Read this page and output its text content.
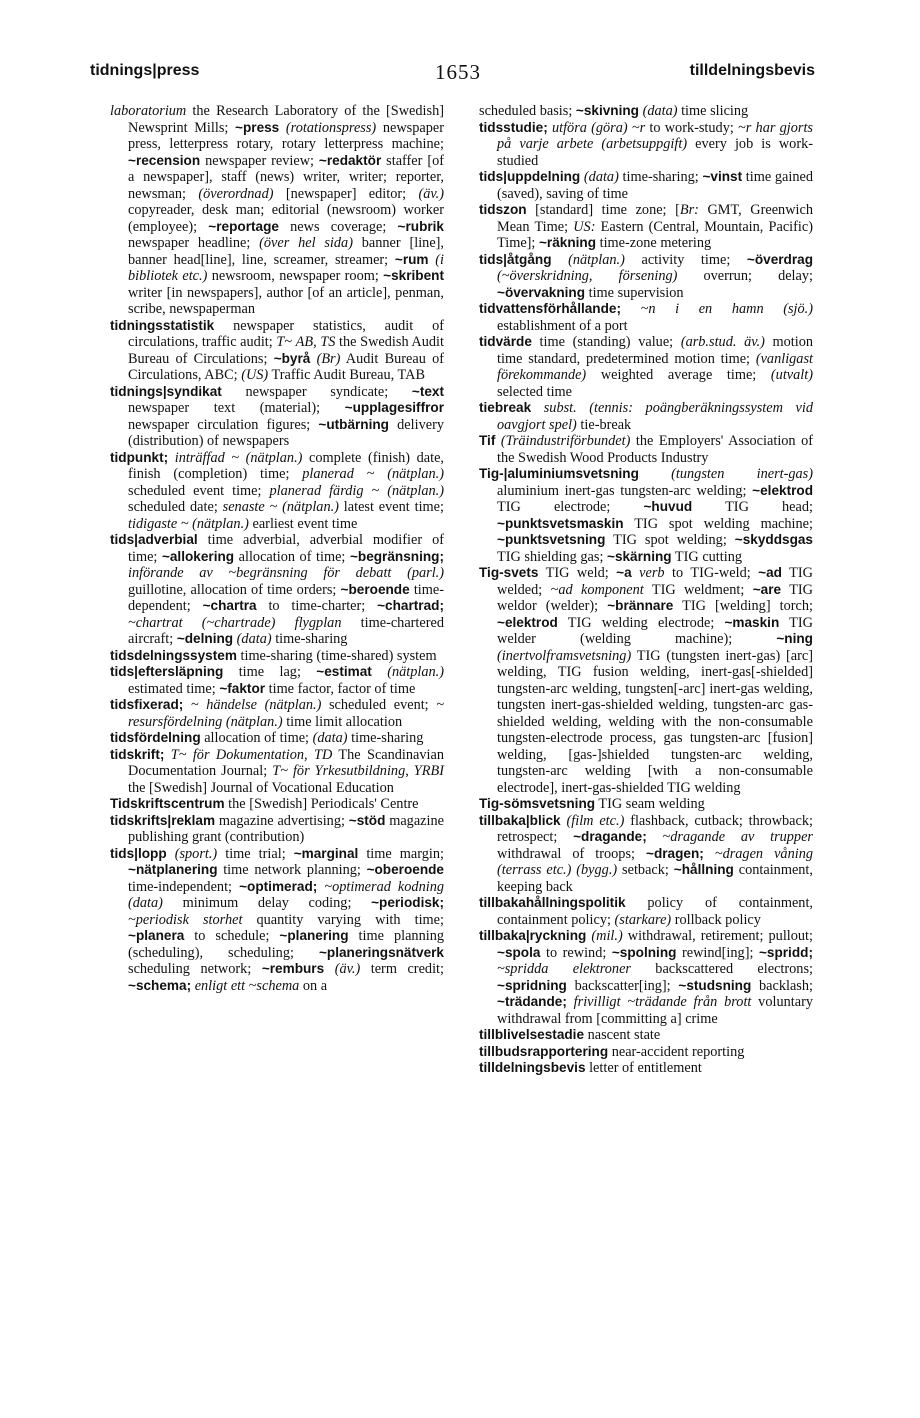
tidnings|press	1653	tilldelningsbevis

laboratorium the Research Laboratory of the [Swedish] Newsprint Mills; ~press (rotationspress) newspaper press, letterpress rotary, rotary letterpress machine; ~recension newspaper review; ~redaktör staffer [of a newspaper], staff (news) writer, writer; reporter, newsman; (överordnad) [newspaper] editor; (äv.) copyreader, desk man; editorial (newsroom) worker (employee); ~reportage news coverage; ~rubrik newspaper headline; (över hel sida) banner [line], banner head[line], line, screamer, streamer; ~rum (i bibliotek etc.) newsroom, newspaper room; ~skribent writer [in newspapers], author [of an article], penman, scribe, newspaperman

tidningsstatistik newspaper statistics, audit of circulations, traffic audit; T~ AB, TS the Swedish Audit Bureau of Circulations; ~byrå (Br) Audit Bureau of Circulations, ABC; (US) Traffic Audit Bureau, TAB

tidnings|syndikat newspaper syndicate; ~text newspaper text (material); ~upplagesiffror newspaper circulation figures; ~utbärning delivery (distribution) of newspapers

tidpunkt; inträffad ~ (nätplan.) complete (finish) date, finish (completion) time; planerad ~ (nätplan.) scheduled event time; planerad färdig ~ (nätplan.) scheduled date; senaste ~ (nätplan.) latest event time; tidigaste ~ (nätplan.) earliest event time

tids|adverbial time adverbial, adverbial modifier of time; ~allokering allocation of time; ~begränsning; införande av ~begränsning för debatt (parl.) guillotine, allocation of time orders; ~beroende time-dependent; ~chartra to time-charter; ~chartrad; ~chartrat (~chartrade) flygplan time-chartered aircraft; ~delning (data) time-sharing

tidsdelningssystem time-sharing (time-shared) system

tids|eftersläpning time lag; ~estimat (nätplan.) estimated time; ~faktor time factor, factor of time

tidsfixerad; ~ händelse (nätplan.) scheduled event; ~ resursfördelning (nätplan.) time limit allocation

tidsfördelning allocation of time; (data) time-sharing

tidskrift; T~ för Dokumentation, TD The Scandinavian Documentation Journal; T~ för Yrkesutbildning, YRBI the [Swedish] Journal of Vocational Education

Tidskriftscentrum the [Swedish] Periodicals' Centre

tidskrifts|reklam magazine advertising; ~stöd magazine publishing grant (contribution)

tids|lopp (sport.) time trial; ~marginal time margin; ~nätplanering time network planning; ~oberoende time-independent; ~optimerad; ~optimerad kodning (data) minimum delay coding; ~periodisk; ~periodisk storhet quantity varying with time; ~planera to schedule; ~planering time planning (scheduling), scheduling; ~planeringsnätverk scheduling network; ~remburs (äv.) term credit; ~schema; enligt ett ~schema on a

scheduled basis; ~skivning (data) time slicing

tidsstudie; utföra (göra) ~r to work-study; ~r har gjorts på varje arbete (arbetsuppgift) every job is work-studied

tids|uppdelning (data) time-sharing; ~vinst time gained (saved), saving of time

tidszon [standard] time zone; [Br: GMT, Greenwich Mean Time; US: Eastern (Central, Mountain, Pacific) Time]; ~räkning time-zone metering

tids|åtgång (nätplan.) activity time; ~överdrag (~överskridning, försening) overrun; delay; ~övervakning time supervision

tidvattensförhållande; ~n i en hamn (sjö.) establishment of a port

tidvärde time (standing) value; (arb.stud. äv.) motion time standard, predetermined motion time; (vanligast förekommande) weighted average time; (utvalt) selected time

tiebreak subst. (tennis: poängberäkningssystem vid oavgjort spel) tie-break

Tif (Träindustriförbundet) the Employers' Association of the Swedish Wood Products Industry

Tig-|aluminiumsvetsning (tungsten inert-gas) aluminium inert-gas tungsten-arc welding; ~elektrod TIG electrode; ~huvud TIG head; ~punktsvetsmaskin TIG spot welding machine; ~punktsvetsning TIG spot welding; ~skyddsgas TIG shielding gas; ~skärning TIG cutting

Tig-svets TIG weld; ~a verb to TIG-weld; ~ad TIG welded; ~ad komponent TIG weldment; ~are TIG weldor (welder); ~brännare TIG [welding] torch; ~elektrod TIG welding electrode; ~maskin TIG welder (welding machine); ~ning (inertvolframsvetsning) TIG (tungsten inert-gas) [arc] welding, TIG fusion welding, inert-gas[-shielded] tungsten-arc welding, tungsten[-arc] inert-gas welding, tungsten inert-gas-shielded welding, tungsten-arc gas-shielded welding, welding with the non-consumable tungsten-electrode process, gas tungsten-arc [fusion] welding, [gas-]shielded tungsten-arc welding, tungsten-arc welding [with a non-consumable electrode], inert-gas-shielded TIG welding

Tig-sömsvetsning TIG seam welding

tillbaka|blick (film etc.) flashback, cutback; throwback; retrospect; ~dragande; ~dragande av trupper withdrawal of troops; ~dragen; ~dragen våning (terrass etc.) (bygg.) setback; ~hållning containment, keeping back

tillbakahållningspolitik policy of containment, containment policy; (starkare) rollback policy

tillbaka|ryckning (mil.) withdrawal, retirement; pullout; ~spola to rewind; ~spolning rewind[ing]; ~spridd; ~spridda elektroner backscattered electrons; ~spridning backscatter[ing]; ~studsning backlash; ~trädande; frivilligt ~trädande från brott voluntary withdrawal from [committing a] crime

tillblivelsestadie nascent state

tillbudsrapportering near-accident reporting

tilldelningsbevis letter of entitlement
